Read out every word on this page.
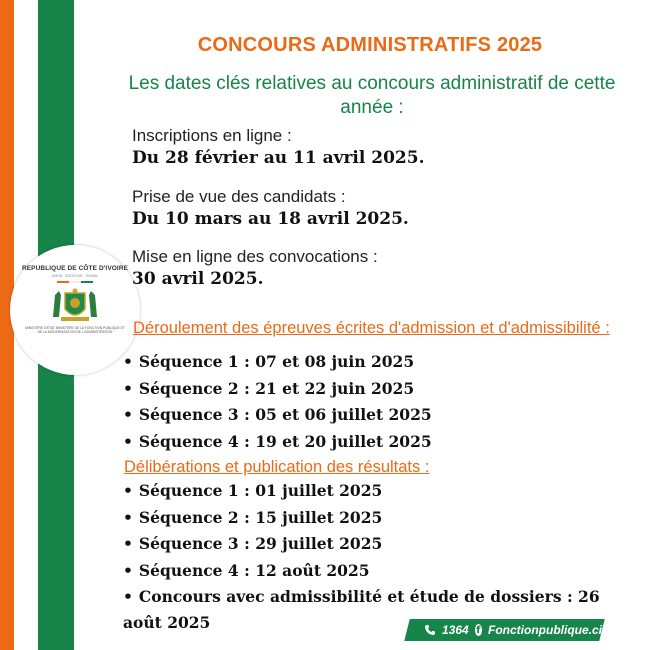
REPUBLIQUE DE CÔTE D'IVOIRE
UNION - DISCIPLINE - TRAVAIL
MINISTÈRE D'ÉTAT MINISTÈRE DE LA FONCTION PUBLIQUE ET DE LA MODERNISATION DE L'ADMINISTRATION
CONCOURS ADMINISTRATIFS 2025
Les dates clés relatives au concours administratif de cette année :
Inscriptions en ligne :
Du 28 février au 11 avril 2025.
Prise de vue des candidats :
Du 10 mars au 18 avril 2025.
Mise en ligne des convocations :
30 avril 2025.
Déroulement des épreuves écrites d'admission et d'admissibilité :
• Séquence 1 : 07 et 08 juin 2025
• Séquence 2 : 21 et 22 juin 2025
• Séquence 3 : 05 et 06 juillet 2025
• Séquence 4 : 19 et 20 juillet 2025
Délibérations et publication des résultats :
• Séquence 1 : 01 juillet 2025
• Séquence 2 : 15 juillet 2025
• Séquence 3 : 29 juillet 2025
• Séquence 4 : 12 août 2025
• Concours avec admissibilité et étude de dossiers : 26 août 2025	1364 f Fonctionpublique.ci
